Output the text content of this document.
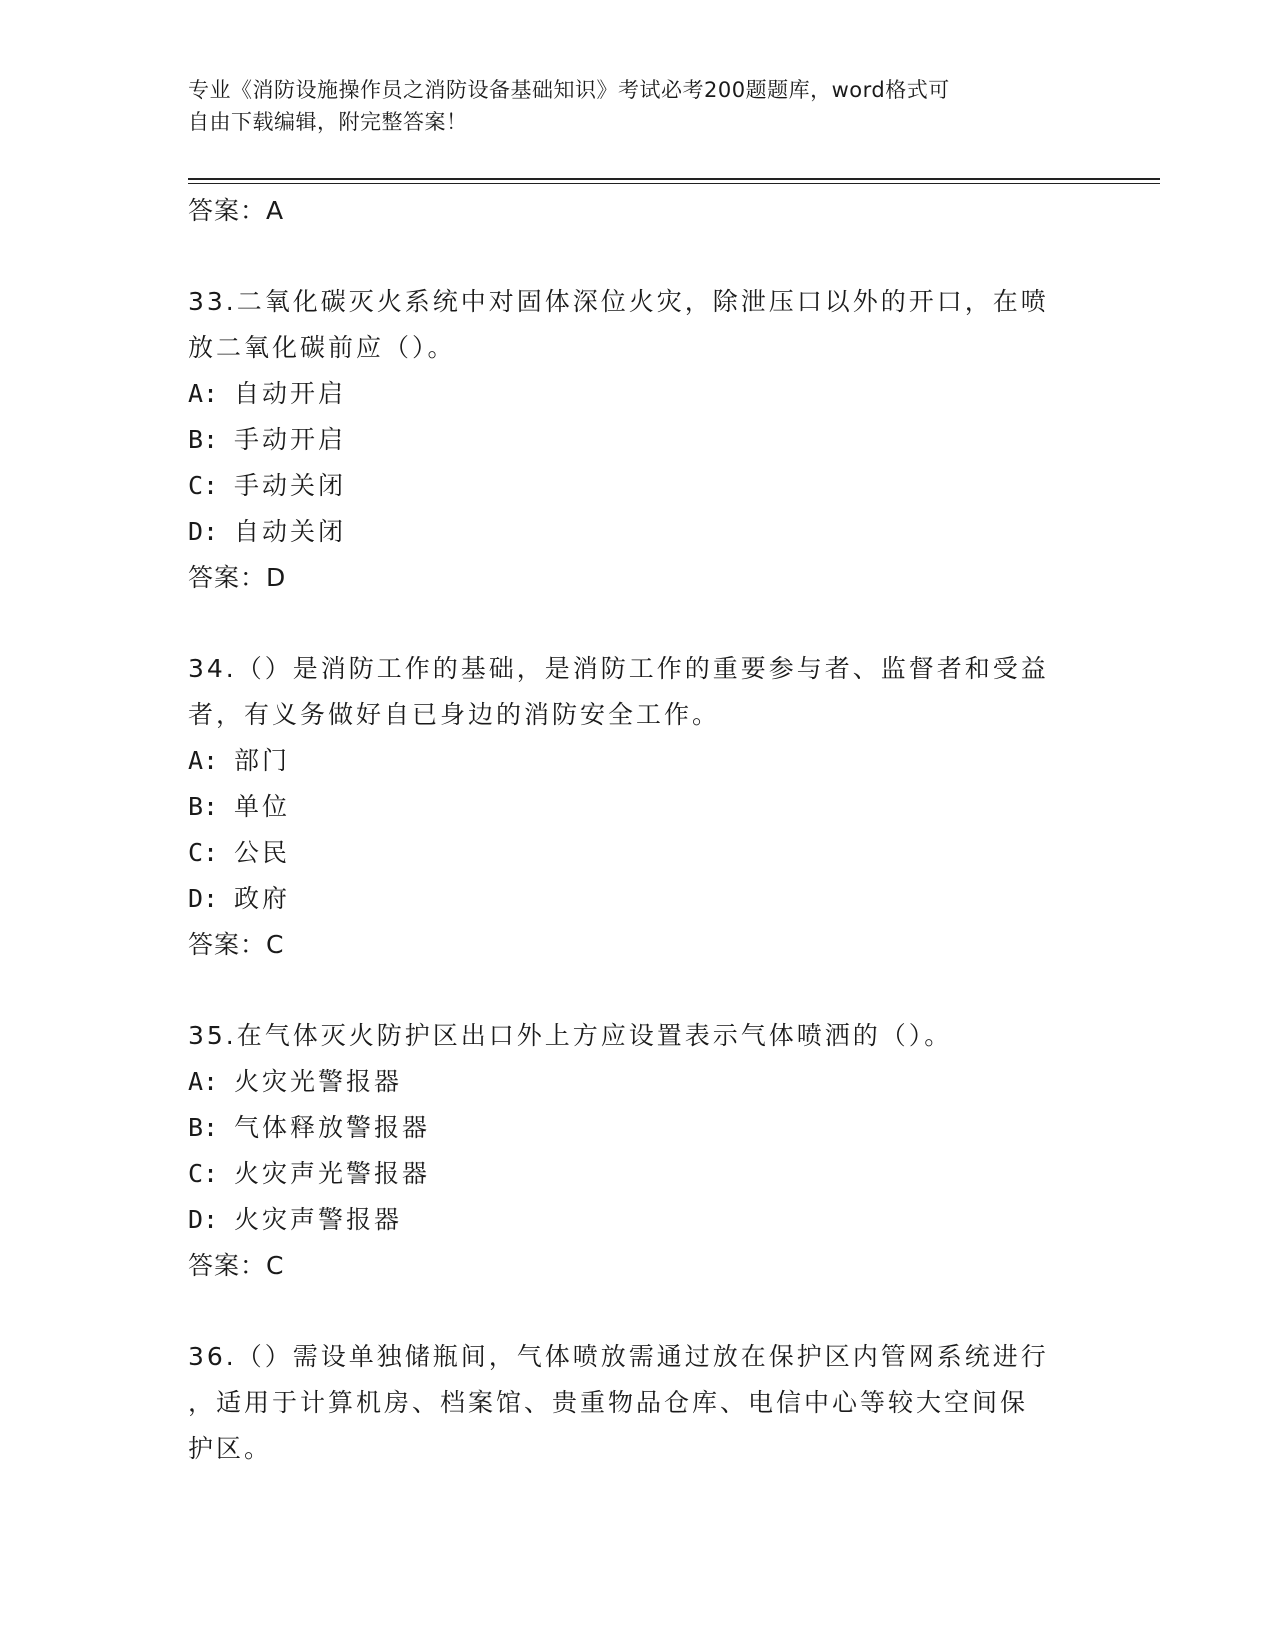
专业《消防设施操作员之消防设备基础知识》考试必考200题题库，word格式可
自由下载编辑，附完整答案！
答案：A
33.二氧化碳灭火系统中对固体深位火灾，除泄压口以外的开口，在喷
放二氧化碳前应（）。
A: 自动开启
B: 手动开启
C: 手动关闭
D: 自动关闭
答案：D
34.（）是消防工作的基础，是消防工作的重要参与者、监督者和受益
者，有义务做好自已身边的消防安全工作。
A: 部门
B: 单位
C: 公民
D: 政府
答案：C
35.在气体灭火防护区出口外上方应设置表示气体喷洒的（）。
A: 火灾光警报器
B: 气体释放警报器
C: 火灾声光警报器
D: 火灾声警报器
答案：C
36.（）需设单独储瓶间，气体喷放需通过放在保护区内管网系统进行
，适用于计算机房、档案馆、贵重物品仓库、电信中心等较大空间保
护区。
